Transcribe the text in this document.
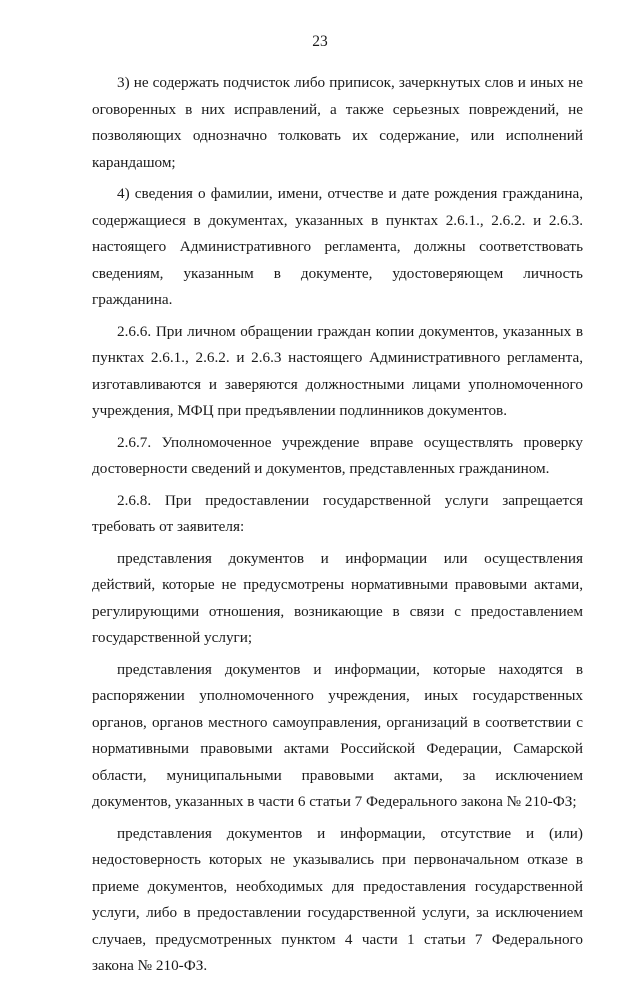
23

3) не содержать подчисток либо приписок, зачеркнутых слов и иных не оговоренных в них исправлений, а также серьезных повреждений, не позволяющих однозначно толковать их содержание, или исполнений карандашом;

4) сведения о фамилии, имени, отчестве и дате рождения гражданина, содержащиеся в документах, указанных в пунктах 2.6.1., 2.6.2. и 2.6.3. настоящего Административного регламента, должны соответствовать сведениям, указанным в документе, удостоверяющем личность гражданина.

2.6.6. При личном обращении граждан копии документов, указанных в пунктах 2.6.1., 2.6.2. и 2.6.3 настоящего Административного регламента, изготавливаются и заверяются должностными лицами уполномоченного учреждения, МФЦ при предъявлении подлинников документов.

2.6.7. Уполномоченное учреждение вправе осуществлять проверку достоверности сведений и документов, представленных гражданином.

2.6.8. При предоставлении государственной услуги запрещается требовать от заявителя:

представления документов и информации или осуществления действий, которые не предусмотрены нормативными правовыми актами, регулирующими отношения, возникающие в связи с предоставлением государственной услуги;

представления документов и информации, которые находятся в распоряжении уполномоченного учреждения, иных государственных органов, органов местного самоуправления, организаций в соответствии с нормативными правовыми актами Российской Федерации, Самарской области, муниципальными правовыми актами, за исключением документов, указанных в части 6 статьи 7 Федерального закона № 210-ФЗ;

представления документов и информации, отсутствие и (или) недостоверность которых не указывались при первоначальном отказе в приеме документов, необходимых для предоставления государственной услуги, либо в предоставлении государственной услуги, за исключением случаев, предусмотренных пунктом 4 части 1 статьи 7 Федерального закона № 210-ФЗ.
